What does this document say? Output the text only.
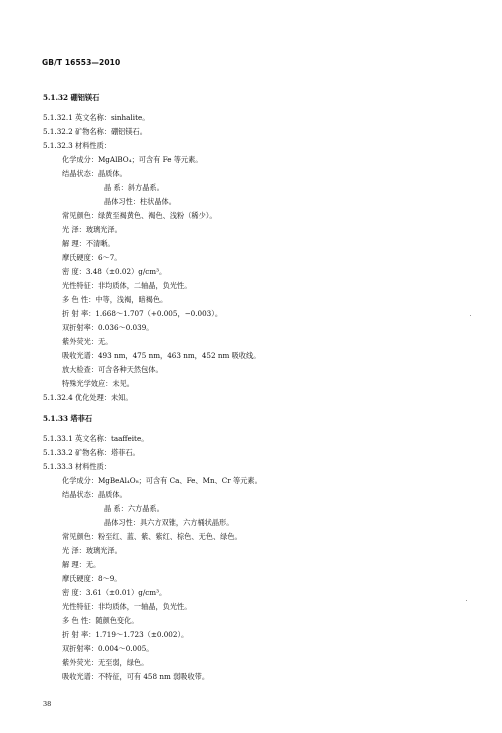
GB/T 16553—2010
5.1.32 硼铝镁石
5.1.32.1 英文名称：sinhalite。
5.1.32.2 矿物名称：硼铝镁石。
5.1.32.3 材料性质：
化学成分：MgAlBO₄；可含有 Fe 等元素。
结晶状态：晶质体。
晶 系：斜方晶系。
晶体习性：柱状晶体。
常见颜色：绿黄至褐黄色、褐色、浅粉（稀少）。
光 泽：玻璃光泽。
解 理：不清晰。
摩氏硬度：6～7。
密 度：3.48（±0.02）g/cm³。
光性特征：非均质体，二轴晶，负光性。
多 色 性：中等，浅褐，暗褐色。
折 射 率：1.668～1.707（+0.005，−0.003）。
双折射率：0.036～0.039。
紫外荧光：无。
吸收光谱：493 nm，475 nm，463 nm，452 nm 吸收线。
放大检查：可含各种天然包体。
特殊光学效应：未见。
5.1.32.4 优化处理：未知。
5.1.33 塔菲石
5.1.33.1 英文名称：taaffeite。
5.1.33.2 矿物名称：塔菲石。
5.1.33.3 材料性质：
化学成分：MgBeAl₄O₈；可含有 Ca、Fe、Mn、Cr 等元素。
结晶状态：晶质体。
晶 系：六方晶系。
晶体习性：具六方双锥，六方桶状晶形。
常见颜色：粉至红、蓝、紫、紫红、棕色、无色、绿色。
光 泽：玻璃光泽。
解 理：无。
摩氏硬度：8～9。
密 度：3.61（±0.01）g/cm³。
光性特征：非均质体，一轴晶，负光性。
多 色 性：随颜色变化。
折 射 率：1.719～1.723（±0.002）。
双折射率：0.004～0.005。
紫外荧光：无至弱，绿色。
吸收光谱：不特征，可有 458 nm 弱吸收带。
38
